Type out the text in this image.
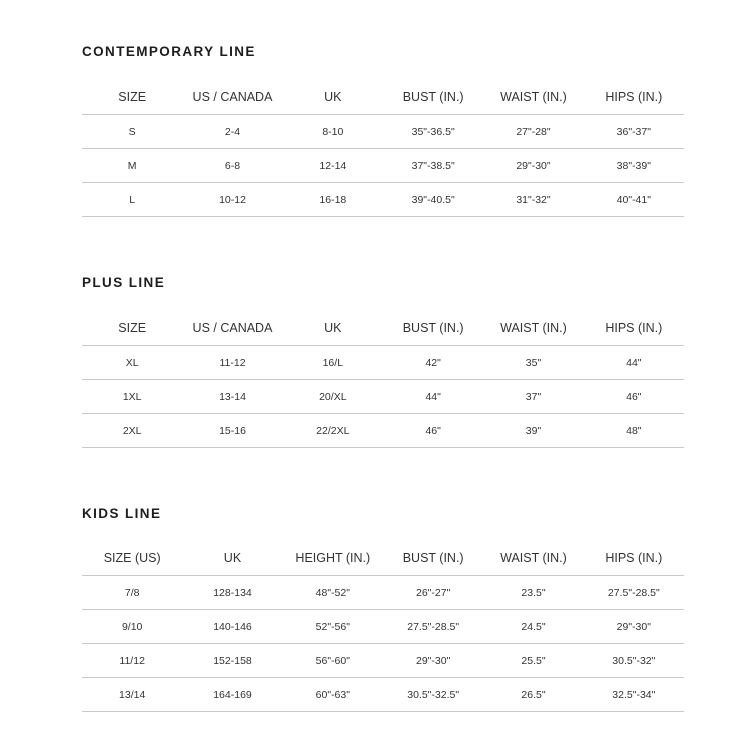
CONTEMPORARY LINE
SIZE	US / CANADA	UK	BUST (IN.)	WAIST (IN.)	HIPS (IN.)
S	2-4	8-10	35"-36.5"	27"-28"	36"-37"
M	6-8	12-14	37"-38.5"	29"-30"	38"-39"
L	10-12	16-18	39"-40.5"	31"-32"	40"-41"
PLUS LINE
SIZE	US / CANADA	UK	BUST (IN.)	WAIST (IN.)	HIPS (IN.)
XL	11-12	16/L	42"	35"	44"
1XL	13-14	20/XL	44"	37"	46"
2XL	15-16	22/2XL	46"	39"	48"
KIDS LINE
SIZE (US)	UK	HEIGHT (IN.)	BUST (IN.)	WAIST (IN.)	HIPS (IN.)
7/8	128-134	48"-52"	26"-27"	23.5"	27.5"-28.5"
9/10	140-146	52"-56"	27.5"-28.5"	24.5"	29"-30"
11/12	152-158	56"-60"	29"-30"	25.5"	30.5"-32"
13/14	164-169	60"-63"	30.5"-32.5"	26.5"	32.5"-34"
